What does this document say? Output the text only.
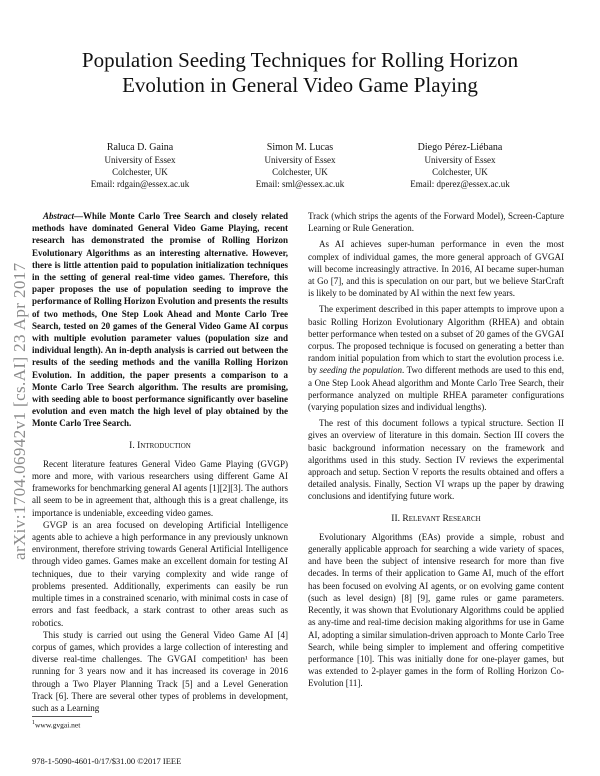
arXiv:1704.06942v1 [cs.AI] 23 Apr 2017
Population Seeding Techniques for Rolling Horizon Evolution in General Video Game Playing
Raluca D. Gaina
University of Essex
Colchester, UK
Email: rdgain@essex.ac.uk
Simon M. Lucas
University of Essex
Colchester, UK
Email: sml@essex.ac.uk
Diego Pérez-Liébana
University of Essex
Colchester, UK
Email: dperez@essex.ac.uk

Abstract—While Monte Carlo Tree Search and closely related methods have dominated General Video Game Playing, recent research has demonstrated the promise of Rolling Horizon Evolutionary Algorithms as an interesting alternative. However, there is little attention paid to population initialization techniques in the setting of general real-time video games. Therefore, this paper proposes the use of population seeding to improve the performance of Rolling Horizon Evolution and presents the results of two methods, One Step Look Ahead and Monte Carlo Tree Search, tested on 20 games of the General Video Game AI corpus with multiple evolution parameter values (population size and individual length). An in-depth analysis is carried out between the results of the seeding methods and the vanilla Rolling Horizon Evolution. In addition, the paper presents a comparison to a Monte Carlo Tree Search algorithm. The results are promising, with seeding able to boost performance significantly over baseline evolution and even match the high level of play obtained by the Monte Carlo Tree Search.

I. Introduction

Recent literature features General Video Game Playing (GVGP) more and more, with various researchers using different Game AI frameworks for benchmarking general AI agents [1][2][3]. The authors all seem to be in agreement that, although this is a great challenge, its importance is undeniable, exceeding video games.

GVGP is an area focused on developing Artificial Intelligence agents able to achieve a high performance in any previously unknown environment, therefore striving towards General Artificial Intelligence through video games. Games make an excellent domain for testing AI techniques, due to their varying complexity and wide range of problems presented. Additionally, experiments can easily be run multiple times in a constrained scenario, with minimal costs in case of errors and fast feedback, a stark contrast to other areas such as robotics.

This study is carried out using the General Video Game AI [4] corpus of games, which provides a large collection of interesting and diverse real-time challenges. The GVGAI competition¹ has been running for 3 years now and it has increased its coverage in 2016 through a Two Player Planning Track [5] and a Level Generation Track [6]. There are several other types of problems in development, such as a Learning

Track (which strips the agents of the Forward Model), Screen-Capture Learning or Rule Generation.

As AI achieves super-human performance in even the most complex of individual games, the more general approach of GVGAI will become increasingly attractive. In 2016, AI became super-human at Go [7], and this is speculation on our part, but we believe StarCraft is likely to be dominated by AI within the next few years.

The experiment described in this paper attempts to improve upon a basic Rolling Horizon Evolutionary Algorithm (RHEA) and obtain better performance when tested on a subset of 20 games of the GVGAI corpus. The proposed technique is focused on generating a better than random initial population from which to start the evolution process i.e. by seeding the population. Two different methods are used to this end, a One Step Look Ahead algorithm and Monte Carlo Tree Search, their performance analyzed on multiple RHEA parameter configurations (varying population sizes and individual lengths).

The rest of this document follows a typical structure. Section II gives an overview of literature in this domain. Section III covers the basic background information necessary on the framework and algorithms used in this study. Section IV reviews the experimental approach and setup. Section V reports the results obtained and offers a detailed analysis. Finally, Section VI wraps up the paper by drawing conclusions and identifying future work.

II. Relevant Research

Evolutionary Algorithms (EAs) provide a simple, robust and generally applicable approach for searching a wide variety of spaces, and have been the subject of intensive research for more than five decades. In terms of their application to Game AI, much of the effort has been focused on evolving AI agents, or on evolving game content (such as level design) [8] [9], game rules or game parameters. Recently, it was shown that Evolutionary Algorithms could be applied as any-time and real-time decision making algorithms for use in Game AI, adopting a similar simulation-driven approach to Monte Carlo Tree Search, while being simpler to implement and offering competitive performance [10]. This was initially done for one-player games, but was extended to 2-player games in the form of Rolling Horizon Co-Evolution [11].

$^1$www.gvgai.net
978-1-5090-4601-0/17/$31.00 ©2017 IEEE
